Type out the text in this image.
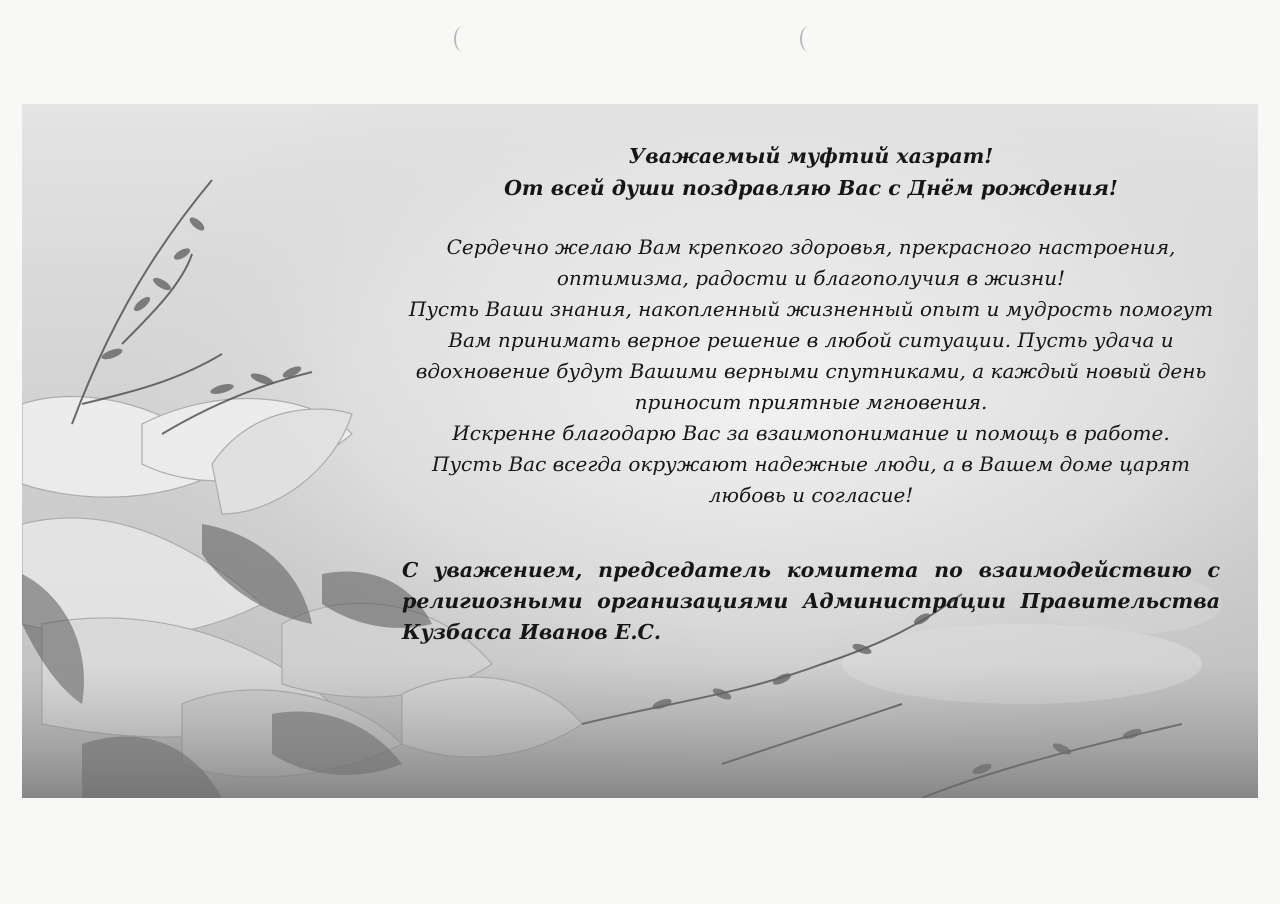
Уважаемый муфтий хазрат!
От всей души поздравляю Вас с Днём рождения!

Сердечно желаю Вам крепкого здоровья, прекрасного настроения,
оптимизма, радости и благополучия в жизни!
Пусть Ваши знания, накопленный жизненный опыт и мудрость помогут
Вам принимать верное решение в любой ситуации. Пусть удача и
вдохновение будут Вашими верными спутниками, а каждый новый день
приносит приятные мгновения.
Искренне благодарю Вас за взаимопонимание и помощь в работе.
Пусть Вас всегда окружают надежные люди, а в Вашем доме царят
любовь и согласие!

С уважением, председатель комитета по взаимодействию с религиозными организациями Администрации Правительства Кузбасса Иванов Е.С.
